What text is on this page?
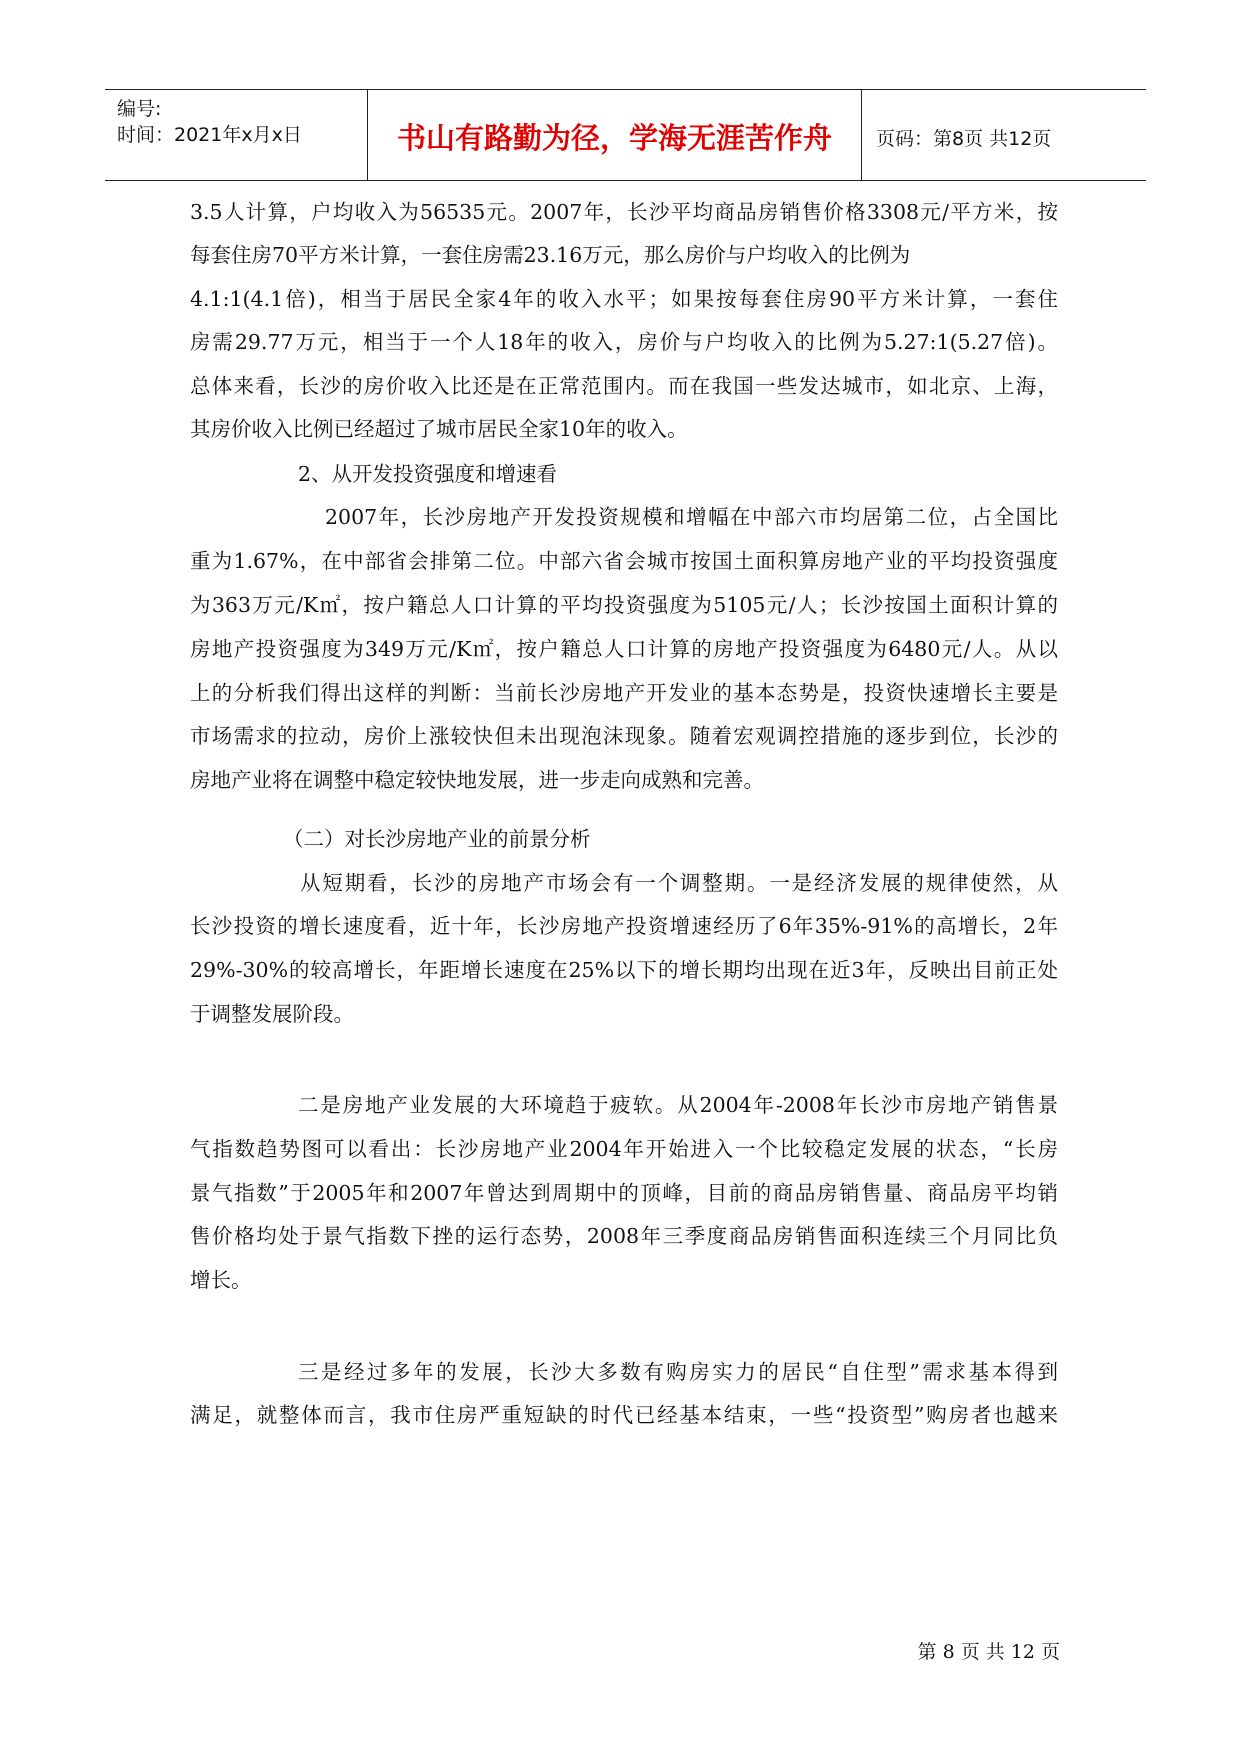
编号:
时间：2021年x月x日	书山有路勤为径，学海无涯苦作舟	页码：第8页 共12页
3.5人计算，户均收入为56535元。2007年，长沙平均商品房销售价格3308元/平方米，按
每套住房70平方米计算，一套住房需23.16万元，那么房价与户均收入的比例为
4.1:1(4.1倍)，相当于居民全家4年的收入水平；如果按每套住房90平方米计算，一套住
房需29.77万元，相当于一个人18年的收入，房价与户均收入的比例为5.27:1(5.27倍)。
总体来看，长沙的房价收入比还是在正常范围内。而在我国一些发达城市，如北京、上海，
其房价收入比例已经超过了城市居民全家10年的收入。
2、从开发投资强度和增速看
2007年，长沙房地产开发投资规模和增幅在中部六市均居第二位，占全国比
重为1.67%，在中部省会排第二位。中部六省会城市按国土面积算房地产业的平均投资强度
为363万元/K㎡，按户籍总人口计算的平均投资强度为5105元/人；长沙按国土面积计算的
房地产投资强度为349万元/K㎡，按户籍总人口计算的房地产投资强度为6480元/人。从以
上的分析我们得出这样的判断：当前长沙房地产开发业的基本态势是，投资快速增长主要是
市场需求的拉动，房价上涨较快但未出现泡沫现象。随着宏观调控措施的逐步到位，长沙的
房地产业将在调整中稳定较快地发展，进一步走向成熟和完善。
（二）对长沙房地产业的前景分析
从短期看，长沙的房地产市场会有一个调整期。一是经济发展的规律使然，从
长沙投资的增长速度看，近十年，长沙房地产投资增速经历了6年35%-91%的高增长，2年
29%-30%的较高增长，年距增长速度在25%以下的增长期均出现在近3年，反映出目前正处
于调整发展阶段。
二是房地产业发展的大环境趋于疲软。从2004年-2008年长沙市房地产销售景
气指数趋势图可以看出：长沙房地产业2004年开始进入一个比较稳定发展的状态，“长房
景气指数”于2005年和2007年曾达到周期中的顶峰，目前的商品房销售量、商品房平均销
售价格均处于景气指数下挫的运行态势，2008年三季度商品房销售面积连续三个月同比负
增长。
三是经过多年的发展，长沙大多数有购房实力的居民“自住型”需求基本得到
满足，就整体而言，我市住房严重短缺的时代已经基本结束，一些“投资型”购房者也越来
第 8 页 共 12 页
